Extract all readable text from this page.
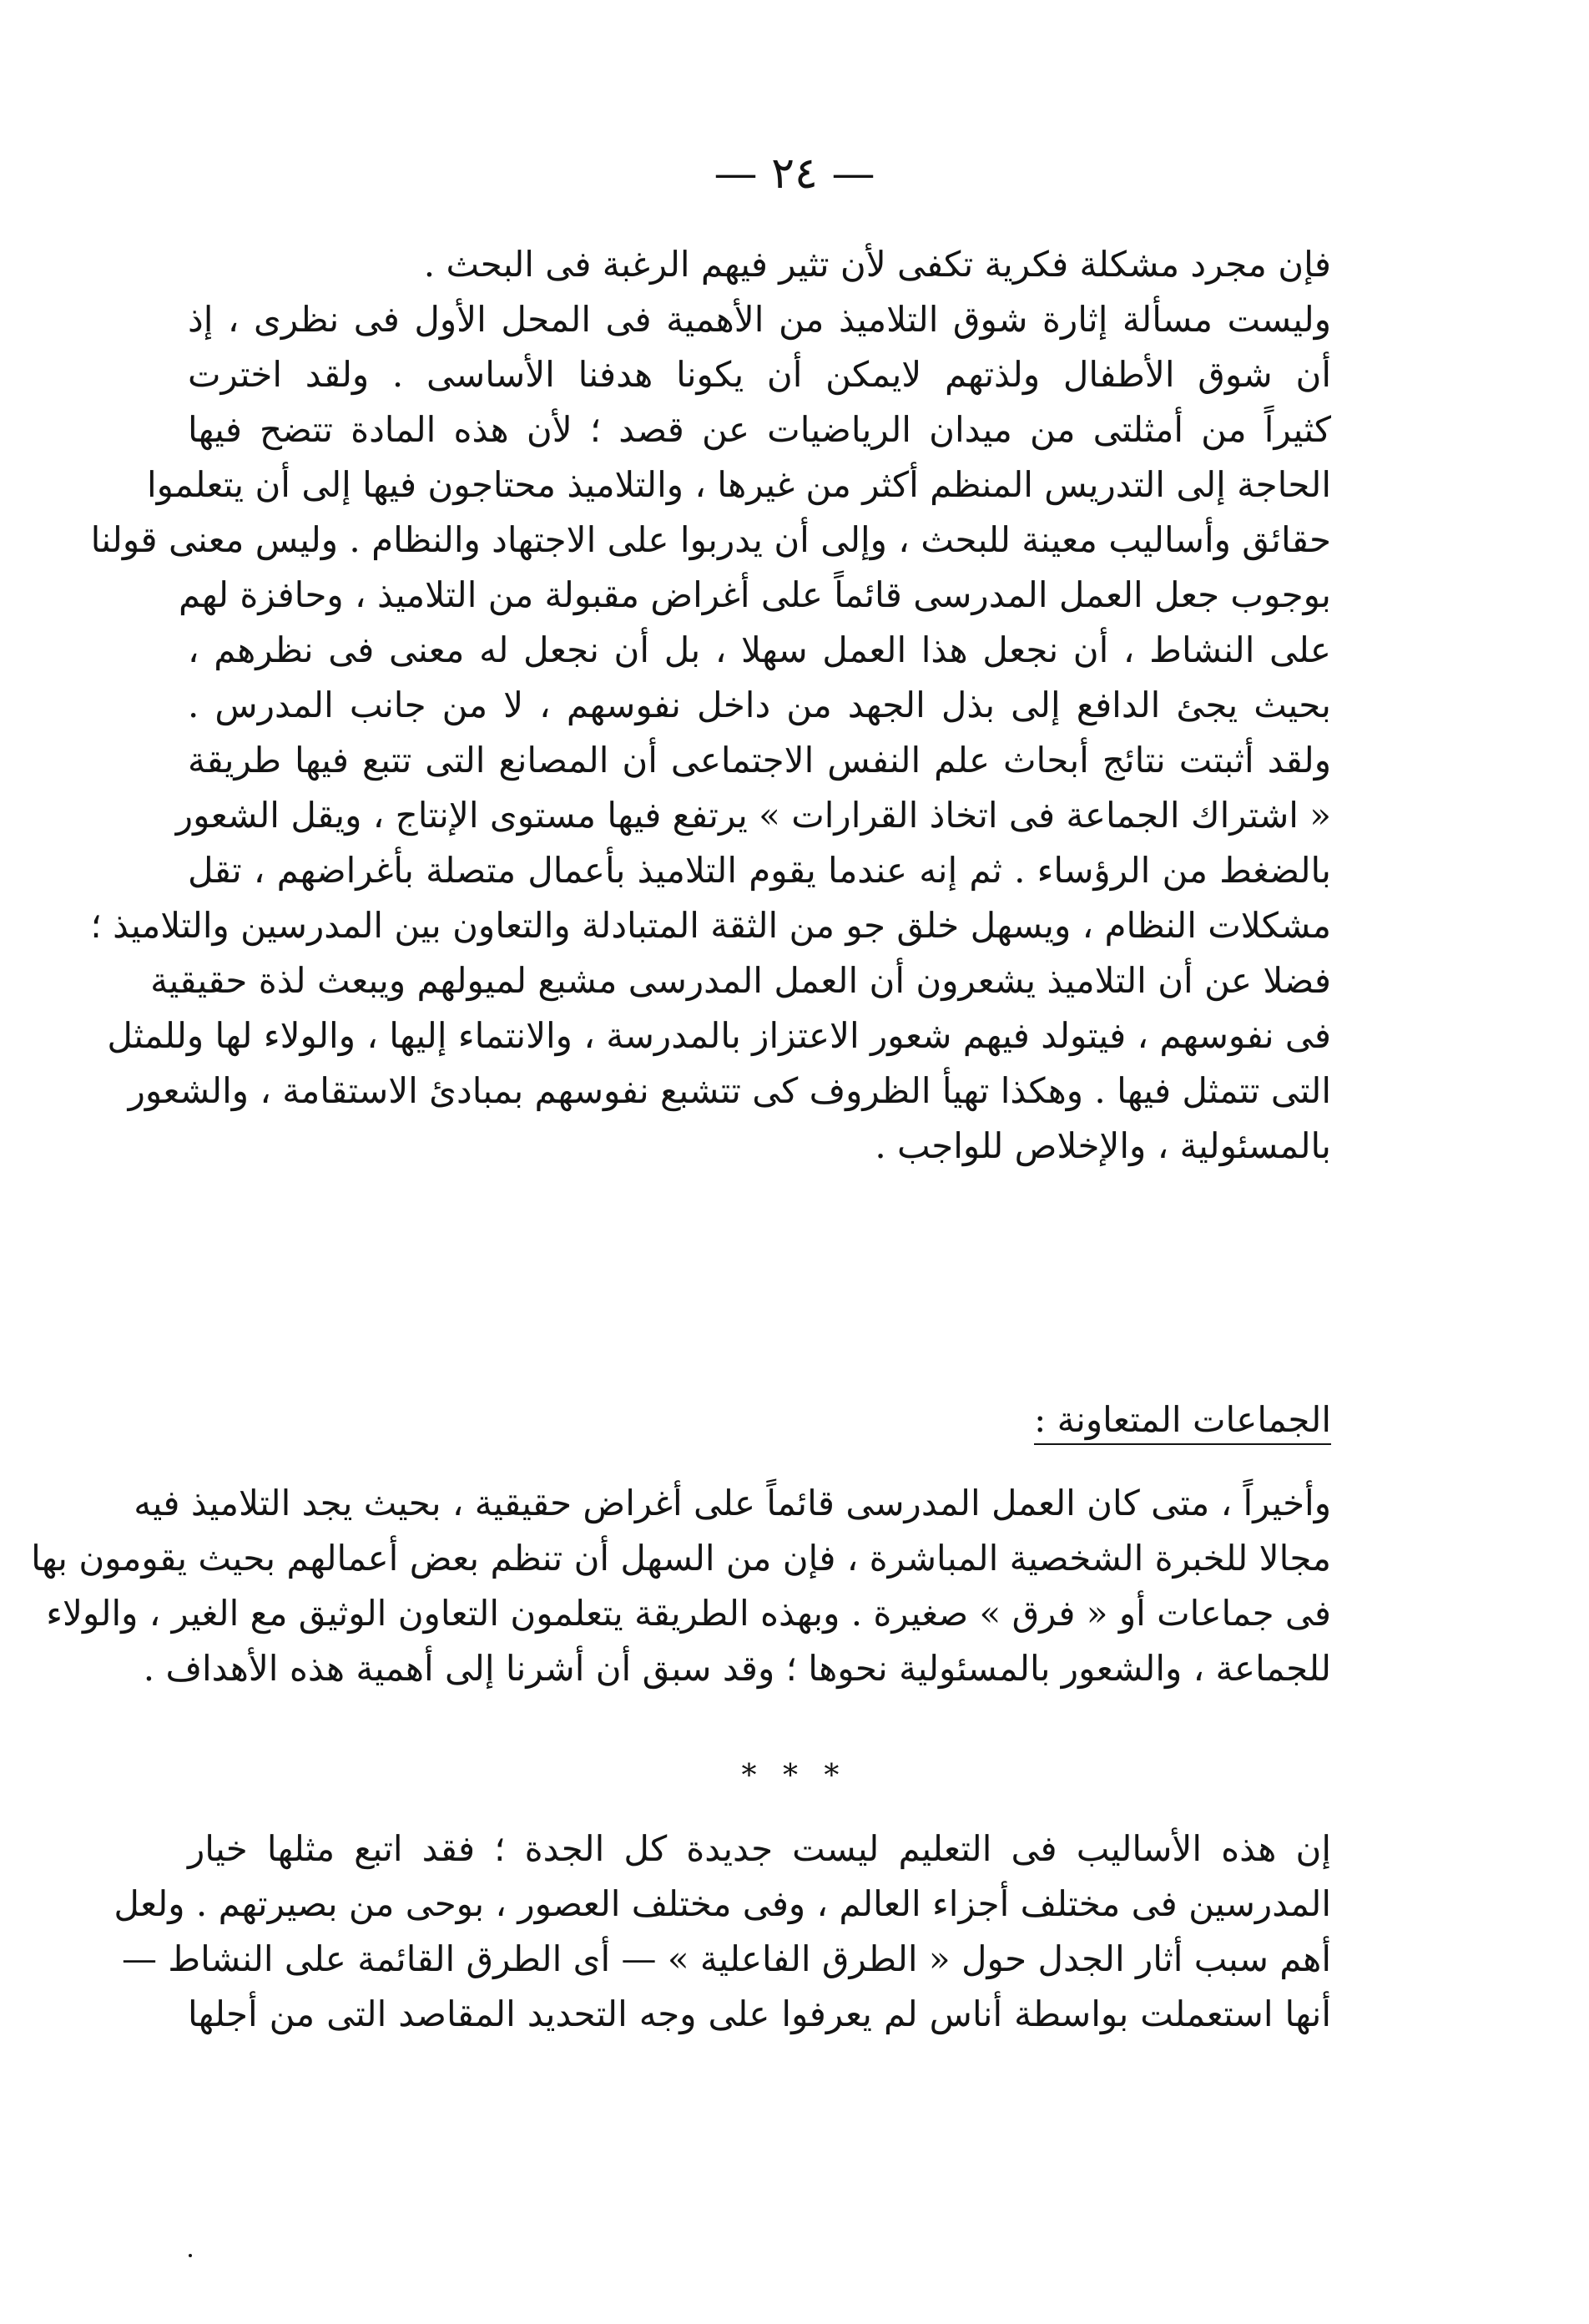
— ٢٤ —
فإن مجرد مشكلة فكرية تكفى لأن تثير فيهم الرغبة فى البحث .
وليست مسألة إثارة شوق التلاميذ من الأهمية فى المحل الأول فى نظرى ، إذ
أن شوق الأطفال ولذتهم لايمكن أن يكونا هدفنا الأساسى . ولقد اخترت
كثيراً من أمثلتى من ميدان الرياضيات عن قصد ؛ لأن هذه المادة تتضح فيها
الحاجة إلى التدريس المنظم أكثر من غيرها ، والتلاميذ محتاجون فيها إلى أن يتعلموا
حقائق وأساليب معينة للبحث ، وإلى أن يدربوا على الاجتهاد والنظام . وليس معنى قولنا
بوجوب جعل العمل المدرسى قائماً على أغراض مقبولة من التلاميذ ، وحافزة لهم
على النشاط ، أن نجعل هذا العمل سهلا ، بل أن نجعل له معنى فى نظرهم ،
بحيث يجئ الدافع إلى بذل الجهد من داخل نفوسهم ، لا من جانب المدرس .
ولقد أثبتت نتائج أبحاث علم النفس الاجتماعى أن المصانع التى تتبع فيها طريقة
« اشتراك الجماعة فى اتخاذ القرارات » يرتفع فيها مستوى الإنتاج ، ويقل الشعور
بالضغط من الرؤساء . ثم إنه عندما يقوم التلاميذ بأعمال متصلة بأغراضهم ، تقل
مشكلات النظام ، ويسهل خلق جو من الثقة المتبادلة والتعاون بين المدرسين والتلاميذ ؛
فضلا عن أن التلاميذ يشعرون أن العمل المدرسى مشبع لميولهم ويبعث لذة حقيقية
فى نفوسهم ، فيتولد فيهم شعور الاعتزاز بالمدرسة ، والانتماء إليها ، والولاء لها وللمثل
التى تتمثل فيها . وهكذا تهيأ الظروف كى تتشبع نفوسهم بمبادئ الاستقامة ، والشعور
بالمسئولية ، والإخلاص للواجب .
الجماعات المتعاونة :
وأخيراً ، متى كان العمل المدرسى قائماً على أغراض حقيقية ، بحيث يجد التلاميذ فيه
مجالا للخبرة الشخصية المباشرة ، فإن من السهل أن تنظم بعض أعمالهم بحيث يقومون بها
فى جماعات أو « فرق » صغيرة . وبهذه الطريقة يتعلمون التعاون الوثيق مع الغير ، والولاء
للجماعة ، والشعور بالمسئولية نحوها ؛ وقد سبق أن أشرنا إلى أهمية هذه الأهداف .
* * *
إن هذه الأساليب فى التعليم ليست جديدة كل الجدة ؛ فقد اتبع مثلها خيار
المدرسين فى مختلف أجزاء العالم ، وفى مختلف العصور ، بوحى من بصيرتهم . ولعل
أهم سبب أثار الجدل حول « الطرق الفاعلية » — أى الطرق القائمة على النشاط —
أنها استعملت بواسطة أناس لم يعرفوا على وجه التحديد المقاصد التى من أجلها
